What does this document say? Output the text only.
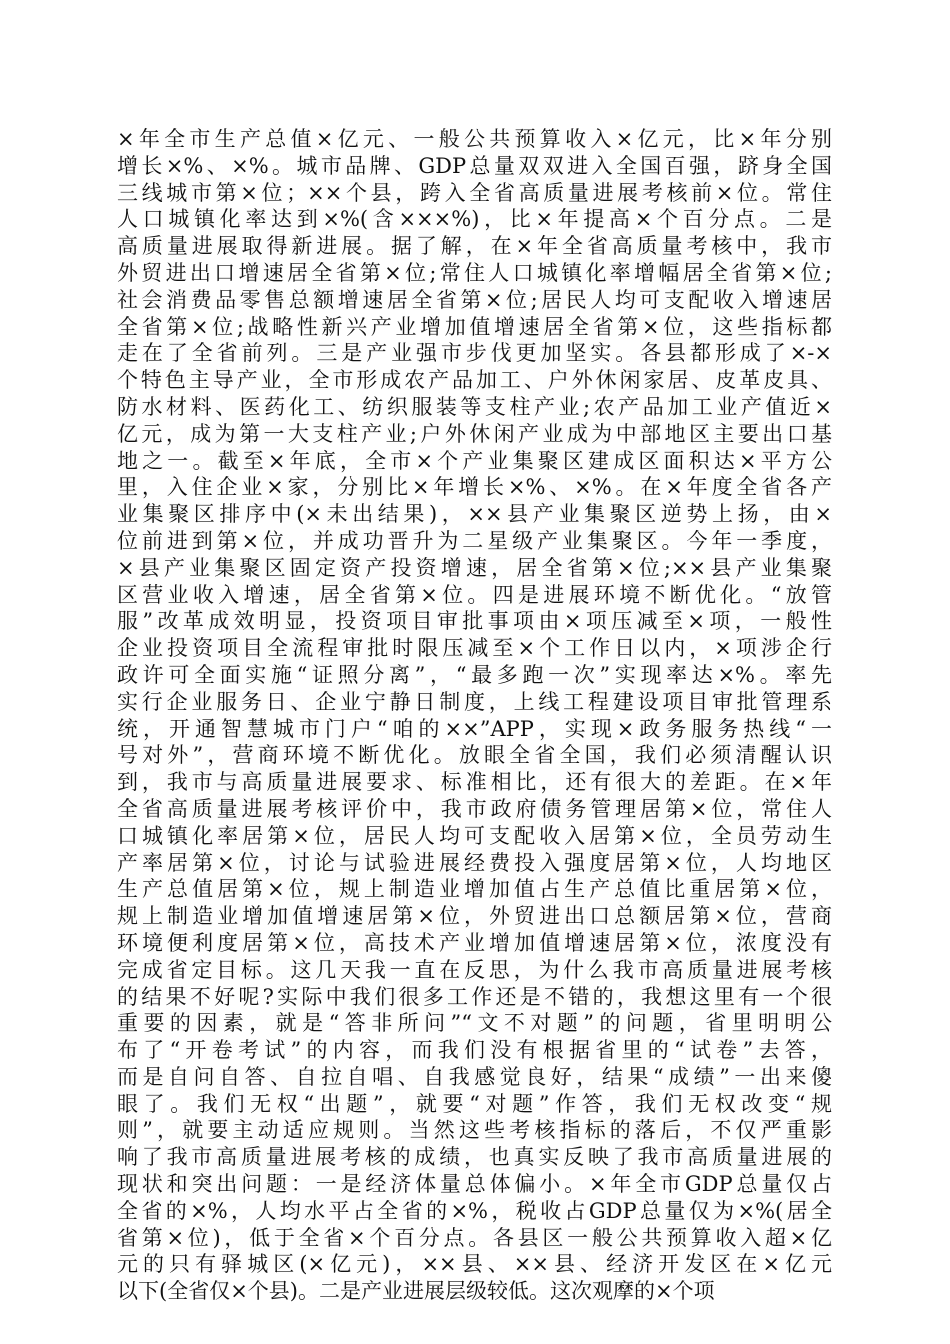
×年全市生产总值×亿元、一般公共预算收入×亿元，比×年分别
增长×%、×%。城市品牌、GDP总量双双进入全国百强，跻身全国
三线城市第×位；××个县，跨入全省高质量进展考核前×位。常住
人口城镇化率达到×%(含×××%)，比×年提高×个百分点。二是
高质量进展取得新进展。据了解，在×年全省高质量考核中，我市
外贸进出口增速居全省第×位;常住人口城镇化率增幅居全省第×位;
社会消费品零售总额增速居全省第×位;居民人均可支配收入增速居
全省第×位;战略性新兴产业增加值增速居全省第×位，这些指标都
走在了全省前列。三是产业强市步伐更加坚实。各县都形成了×-×
个特色主导产业，全市形成农产品加工、户外休闲家居、皮革皮具、
防水材料、医药化工、纺织服装等支柱产业;农产品加工业产值近×
亿元，成为第一大支柱产业;户外休闲产业成为中部地区主要出口基
地之一。截至×年底，全市×个产业集聚区建成区面积达×平方公
里，入住企业×家，分别比×年增长×%、×%。在×年度全省各产
业集聚区排序中(×未出结果)，××县产业集聚区逆势上扬，由×
位前进到第×位，并成功晋升为二星级产业集聚区。今年一季度，
×县产业集聚区固定资产投资增速，居全省第×位;××县产业集聚
区营业收入增速，居全省第×位。四是进展环境不断优化。“放管
服”改革成效明显，投资项目审批事项由×项压减至×项，一般性
企业投资项目全流程审批时限压减至×个工作日以内，×项涉企行
政许可全面实施“证照分离”，“最多跑一次”实现率达×%。率先
实行企业服务日、企业宁静日制度，上线工程建设项目审批管理系
统，开通智慧城市门户“咱的××”APP，实现×政务服务热线“一
号对外”，营商环境不断优化。放眼全省全国，我们必须清醒认识
到，我市与高质量进展要求、标准相比，还有很大的差距。在×年
全省高质量进展考核评价中，我市政府债务管理居第×位，常住人
口城镇化率居第×位，居民人均可支配收入居第×位，全员劳动生
产率居第×位，讨论与试验进展经费投入强度居第×位，人均地区
生产总值居第×位，规上制造业增加值占生产总值比重居第×位，
规上制造业增加值增速居第×位，外贸进出口总额居第×位，营商
环境便利度居第×位，高技术产业增加值增速居第×位，浓度没有
完成省定目标。这几天我一直在反思，为什么我市高质量进展考核
的结果不好呢?实际中我们很多工作还是不错的，我想这里有一个很
重要的因素，就是“答非所问”“文不对题”的问题，省里明明公
布了“开卷考试”的内容，而我们没有根据省里的“试卷”去答，
而是自问自答、自拉自唱、自我感觉良好，结果“成绩”一出来傻
眼了。我们无权“出题”，就要“对题”作答，我们无权改变“规
则”，就要主动适应规则。当然这些考核指标的落后，不仅严重影
响了我市高质量进展考核的成绩，也真实反映了我市高质量进展的
现状和突出问题：一是经济体量总体偏小。×年全市GDP总量仅占
全省的×%，人均水平占全省的×%，税收占GDP总量仅为×%(居全
省第×位)，低于全省×个百分点。各县区一般公共预算收入超×亿
元的只有驿城区(×亿元)，××县、××县、经济开发区在×亿元
以下(全省仅×个县)。二是产业进展层级较低。这次观摩的×个项
